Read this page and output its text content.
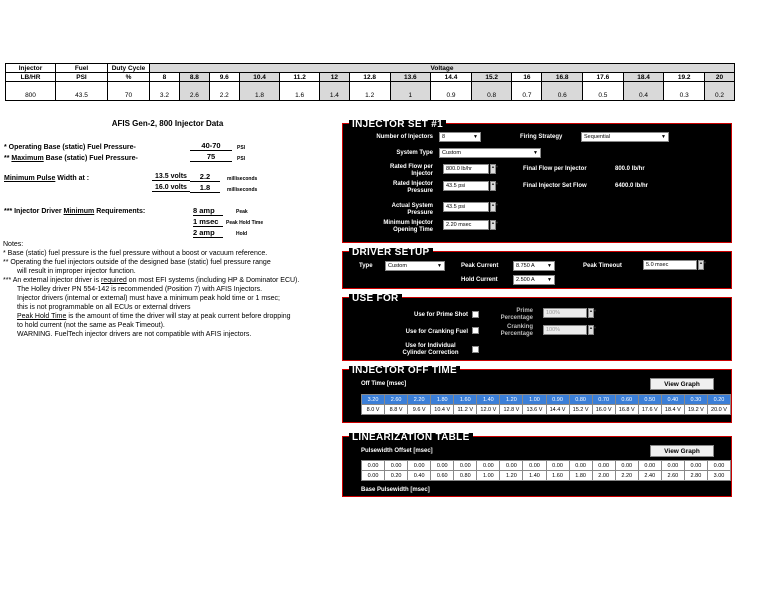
Injector	Fuel	Duty Cycle	Voltage															
LB/HR	PSI	%	8	8.8	9.6	10.4	11.2	12	12.8	13.6	14.4	15.2	16	16.8	17.6	18.4	19.2	20
800	43.5	70	3.2	2.6	2.2	1.8	1.6	1.4	1.2	1	0.9	0.8	0.7	0.6	0.5	0.4	0.3	0.2
AFIS Gen-2, 800 Injector Data
* Operating Base (static) Fuel Pressure-	40-70	PSI
** Maximum Base (static) Fuel Pressure-	75	PSI
Minimum Pulse Width at :	13.5 volts	2.2	milliseconds
16.0 volts	1.8	milliseconds
*** Injector Driver Minimum Requirements:	8 amp	Peak
1 msec	Peak Hold Time
2 amp	Hold
Notes:
* Base (static) fuel pressure is the fuel pressure without a boost or vacuum reference.
** Operating the fuel injectors outside of the designed base (static) fuel pressure range
will result in improper injector function.
*** An external injector driver is required on most EFI systems (including HP & Dominator ECU).
The Holley driver PN 554-142 is recommended (Position 7) with AFIS Injectors.
Injector drivers (internal or external) must have a minimum peak hold time or 1 msec;
this is not programmable on all ECUs or external drivers
Peak Hold Time is the amount of time the driver will stay at peak current before dropping
to hold current (not the same as Peak Timeout).
WARNING. FuelTech injector drivers are not compatible with AFIS injectors.
INJECTOR SET #1
Number of Injectors	8	▼	Firing Strategy	Sequential	▼
System Type	Custom	▼
Rated Flow per Injector
800.0 lb/hr	▲▼	Final Flow per Injector	800.0 lb/hr
Rated Injector Pressure
43.5 psi	▲▼	Final Injector Set Flow	6400.0 lb/hr
Actual System Pressure
43.5 psi	▲▼
Minimum Injector Opening Time
2.20 msec	▲▼
DRIVER SETUP
Type	Custom	▼	Peak Current	8.750 A ▼	Peak Timeout	5.0 msec	▲▼
Hold Current	2.500 A ▼
USE FOR
Use for Prime Shot
Prime Percentage
100%	▲▼
Use for Cranking Fuel
Cranking Percentage
100%	▲▼
Use for Individual Cylinder Correction
INJECTOR OFF TIME
Off Time [msec]	View Graph
3.20	2.60	2.20	1.80	1.60	1.40	1.20	1.00	0.90	0.80	0.70	0.60	0.50	0.40	0.30	0.20
8.0 V	8.8 V	9.6 V	10.4 V	11.2 V	12.0 V	12.8 V	13.6 V	14.4 V	15.2 V	16.0 V	16.8 V	17.6 V	18.4 V	19.2 V	20.0 V
LINEARIZATION TABLE
Pulsewidth Offset [msec]	View Graph
0.00	0.00	0.00	0.00	0.00	0.00	0.00	0.00	0.00	0.00	0.00	0.00	0.00	0.00	0.00	0.00
0.00	0.20	0.40	0.60	0.80	1.00	1.20	1.40	1.60	1.80	2.00	2.20	2.40	2.60	2.80	3.00
Base Pulsewidth [msec]
